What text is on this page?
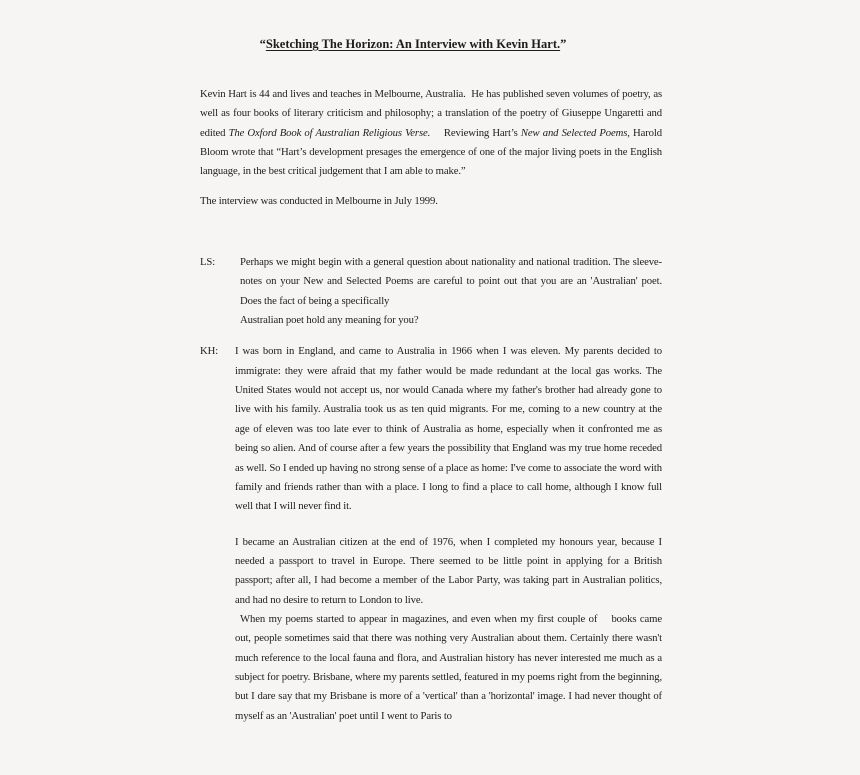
“Sketching The Horizon: An Interview with Kevin Hart.”

Kevin Hart is 44 and lives and teaches in Melbourne, Australia.  He has published seven volumes of poetry, as well as four books of literary criticism and philosophy; a translation of the poetry of Giuseppe Ungaretti and edited The Oxford Book of Australian Religious Verse.  Reviewing Hart’s New and Selected Poems, Harold Bloom wrote that “Hart’s development presages the emergence of one of the major living poets in the English language, in the best critical judgement that I am able to make.”

The interview was conducted in Melbourne in July 1999.

LS: Perhaps we might begin with a general question about nationality and national tradition. The sleeve-notes on your New and Selected Poems are careful to point out that you are an 'Australian' poet. Does the fact of being a specifically
Australian poet hold any meaning for you?

KH: I was born in England, and came to Australia in 1966 when I was eleven. My parents decided to immigrate: they were afraid that my father would be made redundant at the local gas works. The United States would not accept us, nor would Canada where my father's brother had already gone to live with his family. Australia took us as ten quid migrants. For me, coming to a new country at the age of eleven was too late ever to think of Australia as home, especially when it confronted me as being so alien. And of course after a few years the possibility that England was my true home receded as well. So I ended up having no strong sense of a place as home: I've come to associate the word with family and friends rather than with a place. I long to find a place to call home, although I know full well that I will never find it.

I became an Australian citizen at the end of 1976, when I completed my honours year, because I needed a passport to travel in Europe. There seemed to be little point in applying for a British passport; after all, I had become a member of the Labor Party, was taking part in Australian politics, and had no desire to return to London to live.

When my poems started to appear in magazines, and even when my first couple of  books came out, people sometimes said that there was nothing very Australian about them. Certainly there wasn't much reference to the local fauna and flora, and Australian history has never interested me much as a subject for poetry. Brisbane, where my parents settled, featured in my poems right from the beginning, but I dare say that my Brisbane is more of a 'vertical' than a 'horizontal' image. I had never thought of myself as an 'Australian' poet until I went to Paris to
